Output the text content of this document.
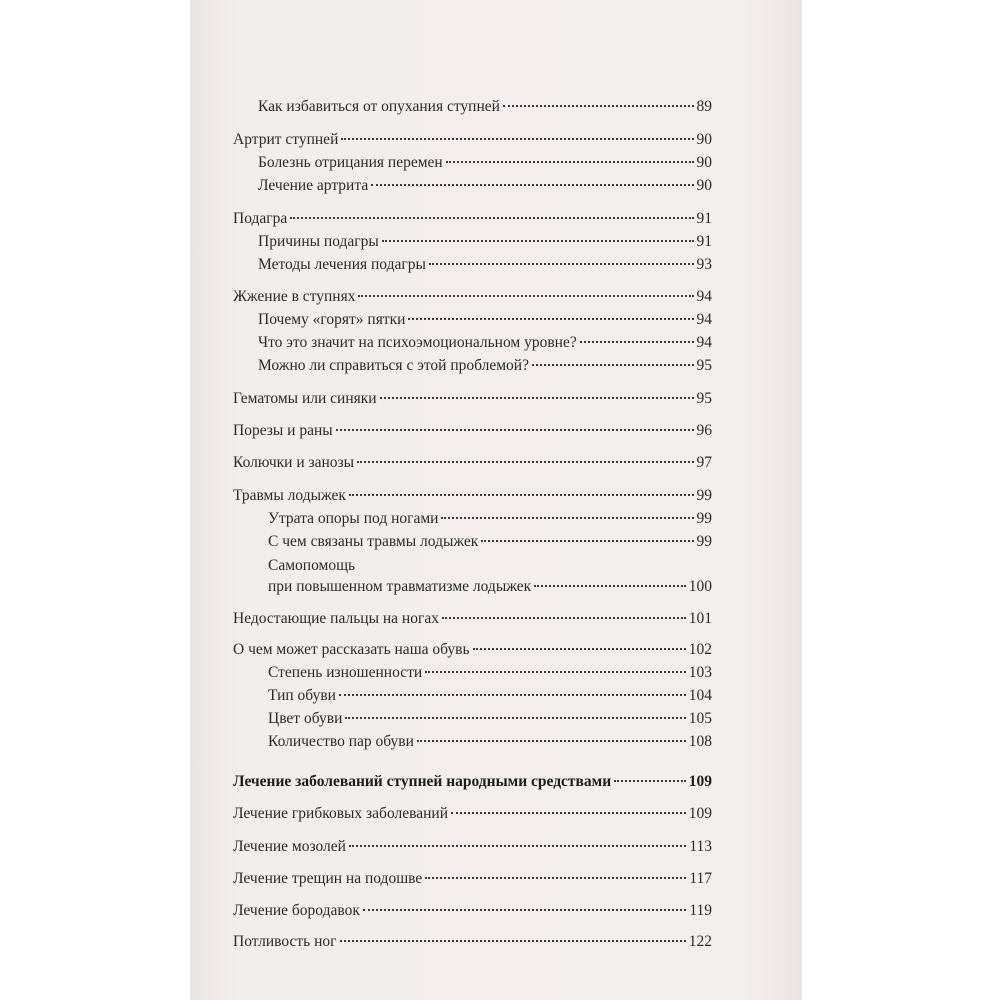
Как избавиться от опухания ступней	89
Артрит ступней	90
Болезнь отрицания перемен	90
Лечение артрита	90
Подагра	91
Причины подагры	91
Методы лечения подагры	93
Жжение в ступнях	94
Почему «горят» пятки	94
Что это значит на психоэмоциональном уровне?	94
Можно ли справиться с этой проблемой?	95
Гематомы или синяки	95
Порезы и раны	96
Колючки и занозы	97
Травмы лодыжек	99
Утрата опоры под ногами	99
С чем связаны травмы лодыжек	99
Самопомощь
при повышенном травматизме лодыжек	100
Недостающие пальцы на ногах	101
О чем может рассказать наша обувь	102
Степень изношенности	103
Тип обуви	104
Цвет обуви	105
Количество пар обуви	108
Лечение заболеваний ступней народными средствами	109
Лечение грибковых заболеваний	109
Лечение мозолей	113
Лечение трещин на подошве	117
Лечение бородавок	119
Потливость ног	122
